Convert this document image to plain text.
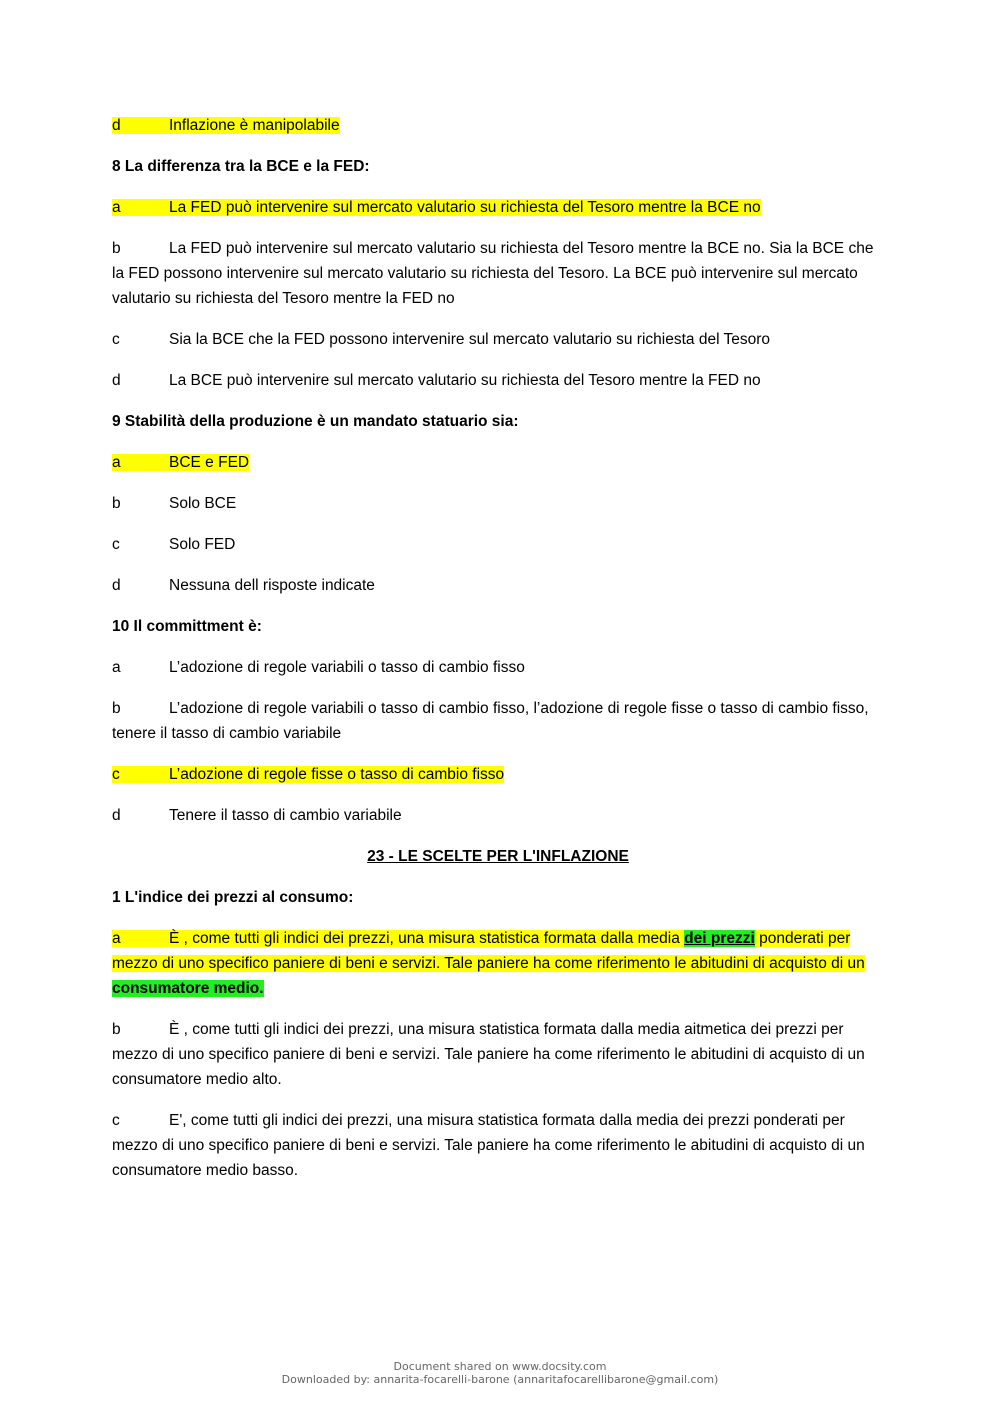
d	Inflazione è manipolabile

8 La differenza tra la BCE e la FED:

a	La FED può intervenire sul mercato valutario su richiesta del Tesoro mentre la BCE no

b	La FED può intervenire sul mercato valutario su richiesta del Tesoro mentre la BCE no. Sia la BCE che la FED possono intervenire sul mercato valutario su richiesta del Tesoro. La BCE può intervenire sul mercato valutario su richiesta del Tesoro mentre la FED no

c	Sia la BCE che la FED possono intervenire sul mercato valutario su richiesta del Tesoro

d	La BCE può intervenire sul mercato valutario su richiesta del Tesoro mentre la FED no

9 Stabilità della produzione è un mandato statuario sia:

a	BCE e FED

b	Solo BCE

c	Solo FED

d	Nessuna dell risposte indicate

10 Il committment è:

a	L’adozione di regole variabili o tasso di cambio fisso

b	L’adozione di regole variabili o tasso di cambio fisso, l’adozione di regole fisse o tasso di cambio fisso, tenere il tasso di cambio variabile

c	L’adozione di regole fisse o tasso di cambio fisso

d	Tenere il tasso di cambio variabile

23 - LE SCELTE PER L'INFLAZIONE

1 L'indice dei prezzi al consumo:

a	È , come tutti gli indici dei prezzi, una misura statistica formata dalla media dei prezzi ponderati per mezzo di uno specifico paniere di beni e servizi. Tale paniere ha come riferimento le abitudini di acquisto di un consumatore medio.

b	È , come tutti gli indici dei prezzi, una misura statistica formata dalla media aitmetica dei prezzi per mezzo di uno specifico paniere di beni e servizi. Tale paniere ha come riferimento le abitudini di acquisto di un consumatore medio alto.

c	E', come tutti gli indici dei prezzi, una misura statistica formata dalla media dei prezzi ponderati per mezzo di uno specifico paniere di beni e servizi. Tale paniere ha come riferimento le abitudini di acquisto di un consumatore medio basso.

Document shared on www.docsity.com
Downloaded by: annarita-focarelli-barone (annaritafocarellibarone@gmail.com)
